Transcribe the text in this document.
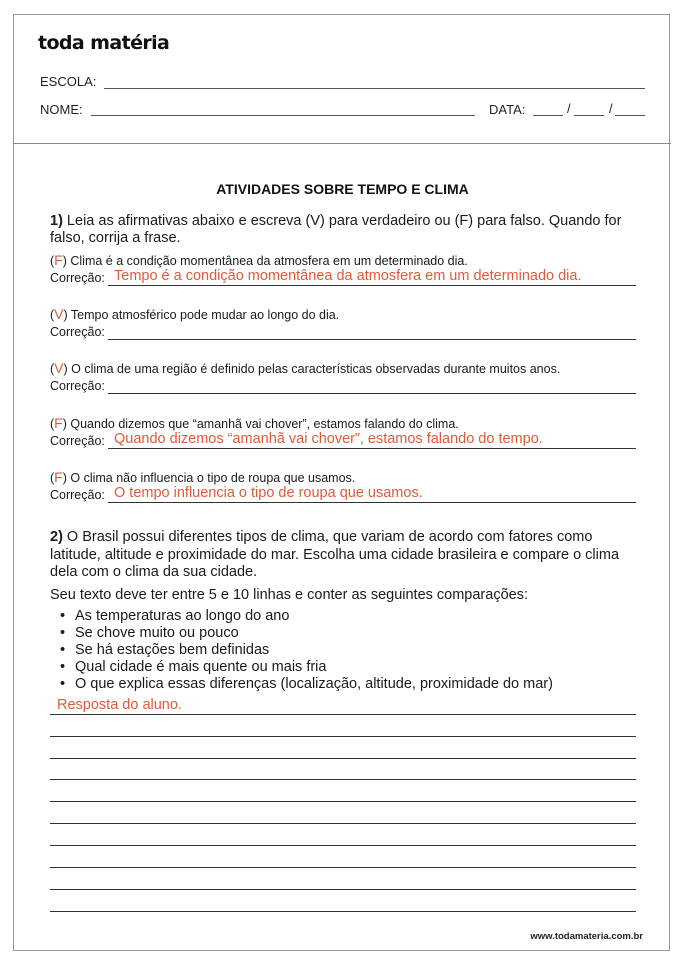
toda matéria
ESCOLA:
NOME:	DATA:	/	/
ATIVIDADES SOBRE TEMPO E CLIMA
1) Leia as afirmativas abaixo e escreva (V) para verdadeiro ou (F) para falso. Quando for falso, corrija a frase.
(F) Clima é a condição momentânea da atmosfera em um determinado dia.
Correção: Tempo é a condição momentânea da atmosfera em um determinado dia.
(V) Tempo atmosférico pode mudar ao longo do dia.
Correção:
(V) O clima de uma região é definido pelas características observadas durante muitos anos.
Correção:
(F) Quando dizemos que “amanhã vai chover”, estamos falando do clima.
Correção: Quando dizemos “amanhã vai chover”, estamos falando do tempo.
(F) O clima não influencia o tipo de roupa que usamos.
Correção: O tempo influencia o tipo de roupa que usamos.
2) O Brasil possui diferentes tipos de clima, que variam de acordo com fatores como latitude, altitude e proximidade do mar. Escolha uma cidade brasileira e compare o clima dela com o clima da sua cidade.
Seu texto deve ter entre 5 e 10 linhas e conter as seguintes comparações:
• As temperaturas ao longo do ano
• Se chove muito ou pouco
• Se há estações bem definidas
• Qual cidade é mais quente ou mais fria
• O que explica essas diferenças (localização, altitude, proximidade do mar)
Resposta do aluno.
www.todamateria.com.br
